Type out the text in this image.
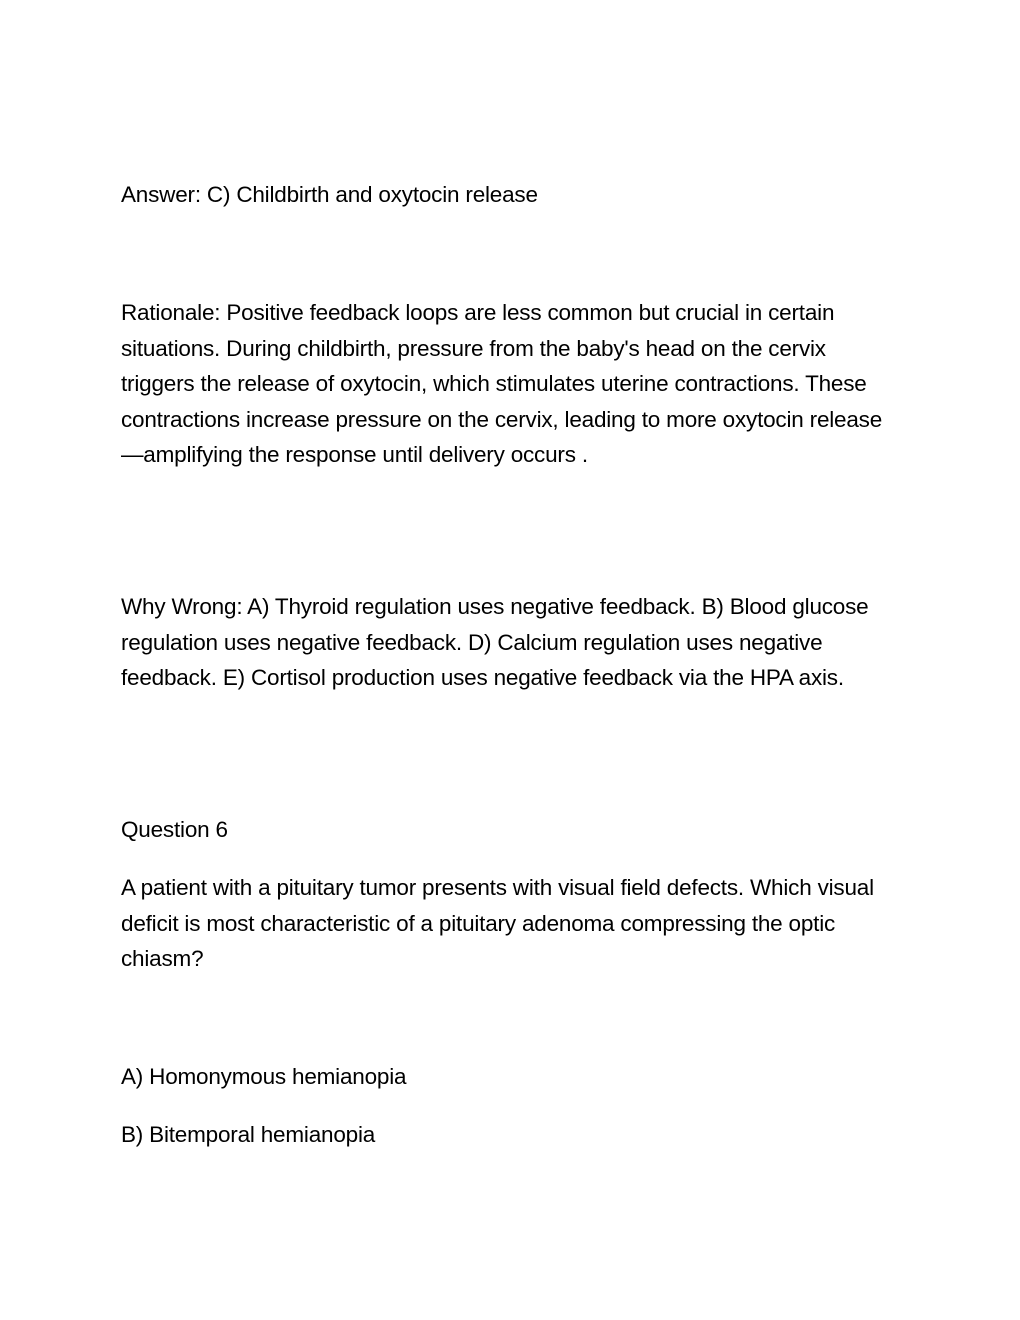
Answer: C) Childbirth and oxytocin release

Rationale: Positive feedback loops are less common but crucial in certain situations. During childbirth, pressure from the baby's head on the cervix triggers the release of oxytocin, which stimulates uterine contractions. These contractions increase pressure on the cervix, leading to more oxytocin release—amplifying the response until delivery occurs .

Why Wrong: A) Thyroid regulation uses negative feedback. B) Blood glucose regulation uses negative feedback. D) Calcium regulation uses negative feedback. E) Cortisol production uses negative feedback via the HPA axis.

Question 6

A patient with a pituitary tumor presents with visual field defects. Which visual deficit is most characteristic of a pituitary adenoma compressing the optic chiasm?

A) Homonymous hemianopia

B) Bitemporal hemianopia
